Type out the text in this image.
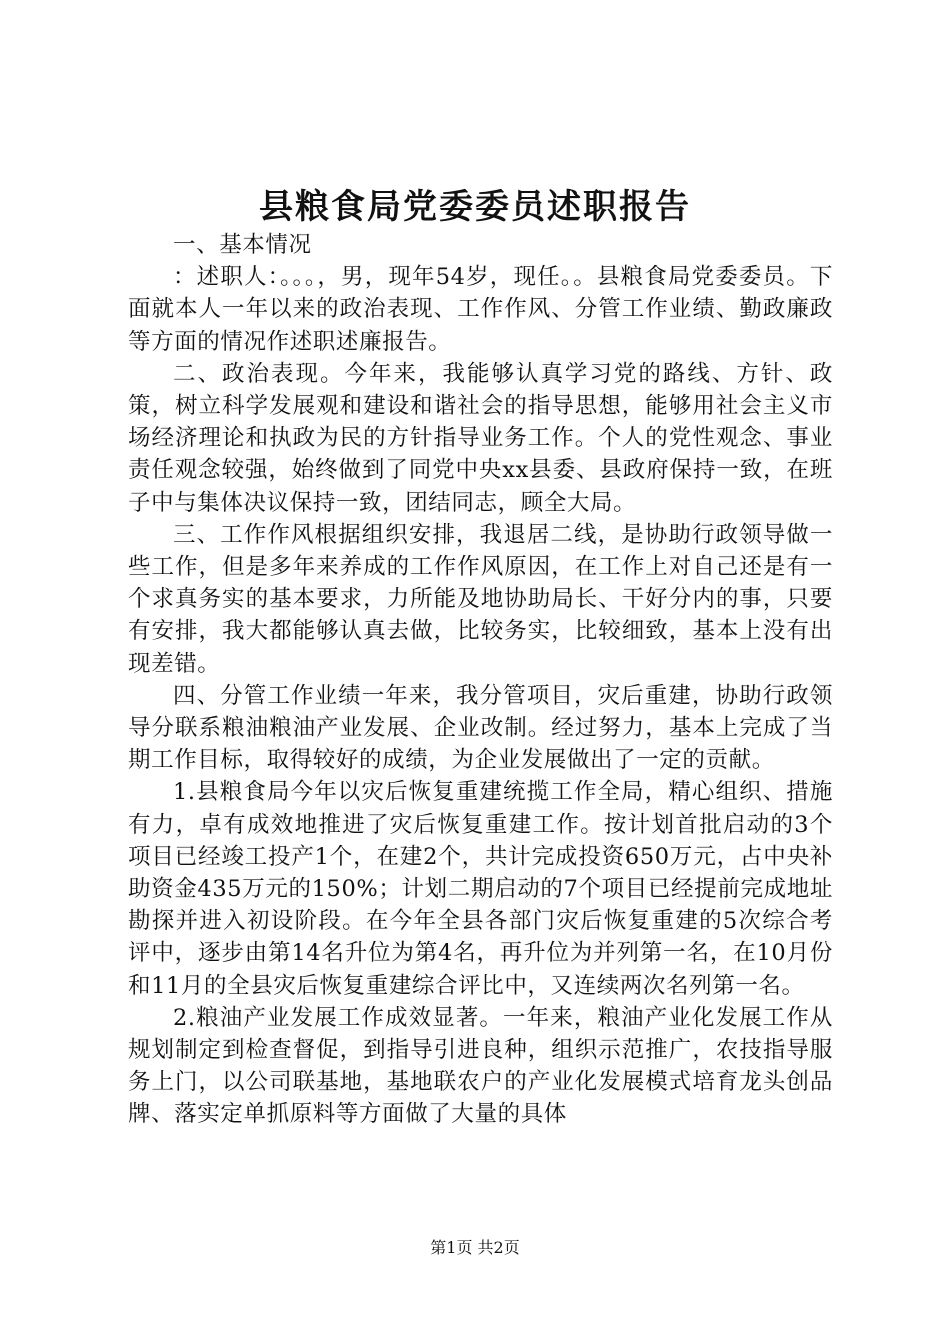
县粮食局党委委员述职报告

一、基本情况

：述职人：。。。，男，现年54岁，现任。。县粮食局党委委员。下面就本人一年以来的政治表现、工作作风、分管工作业绩、勤政廉政等方面的情况作述职述廉报告。

二、政治表现。今年来，我能够认真学习党的路线、方针、政策，树立科学发展观和建设和谐社会的指导思想，能够用社会主义市场经济理论和执政为民的方针指导业务工作。个人的党性观念、事业责任观念较强，始终做到了同党中央xx县委、县政府保持一致，在班子中与集体决议保持一致，团结同志，顾全大局。

三、工作作风根据组织安排，我退居二线，是协助行政领导做一些工作，但是多年来养成的工作作风原因，在工作上对自己还是有一个求真务实的基本要求，力所能及地协助局长、干好分内的事，只要有安排，我大都能够认真去做，比较务实，比较细致，基本上没有出现差错。

四、分管工作业绩一年来，我分管项目，灾后重建，协助行政领导分联系粮油粮油产业发展、企业改制。经过努力，基本上完成了当期工作目标，取得较好的成绩，为企业发展做出了一定的贡献。

1.县粮食局今年以灾后恢复重建统揽工作全局，精心组织、措施有力，卓有成效地推进了灾后恢复重建工作。按计划首批启动的3个项目已经竣工投产1个，在建2个，共计完成投资650万元，占中央补助资金435万元的150%；计划二期启动的7个项目已经提前完成地址勘探并进入初设阶段。在今年全县各部门灾后恢复重建的5次综合考评中，逐步由第14名升位为第4名，再升位为并列第一名，在10月份和11月的全县灾后恢复重建综合评比中，又连续两次名列第一名。

2.粮油产业发展工作成效显著。一年来，粮油产业化发展工作从规划制定到检查督促，到指导引进良种，组织示范推广，农技指导服务上门，以公司联基地，基地联农户的产业化发展模式培育龙头创品牌、落实定单抓原料等方面做了大量的具体

第1页 共2页
